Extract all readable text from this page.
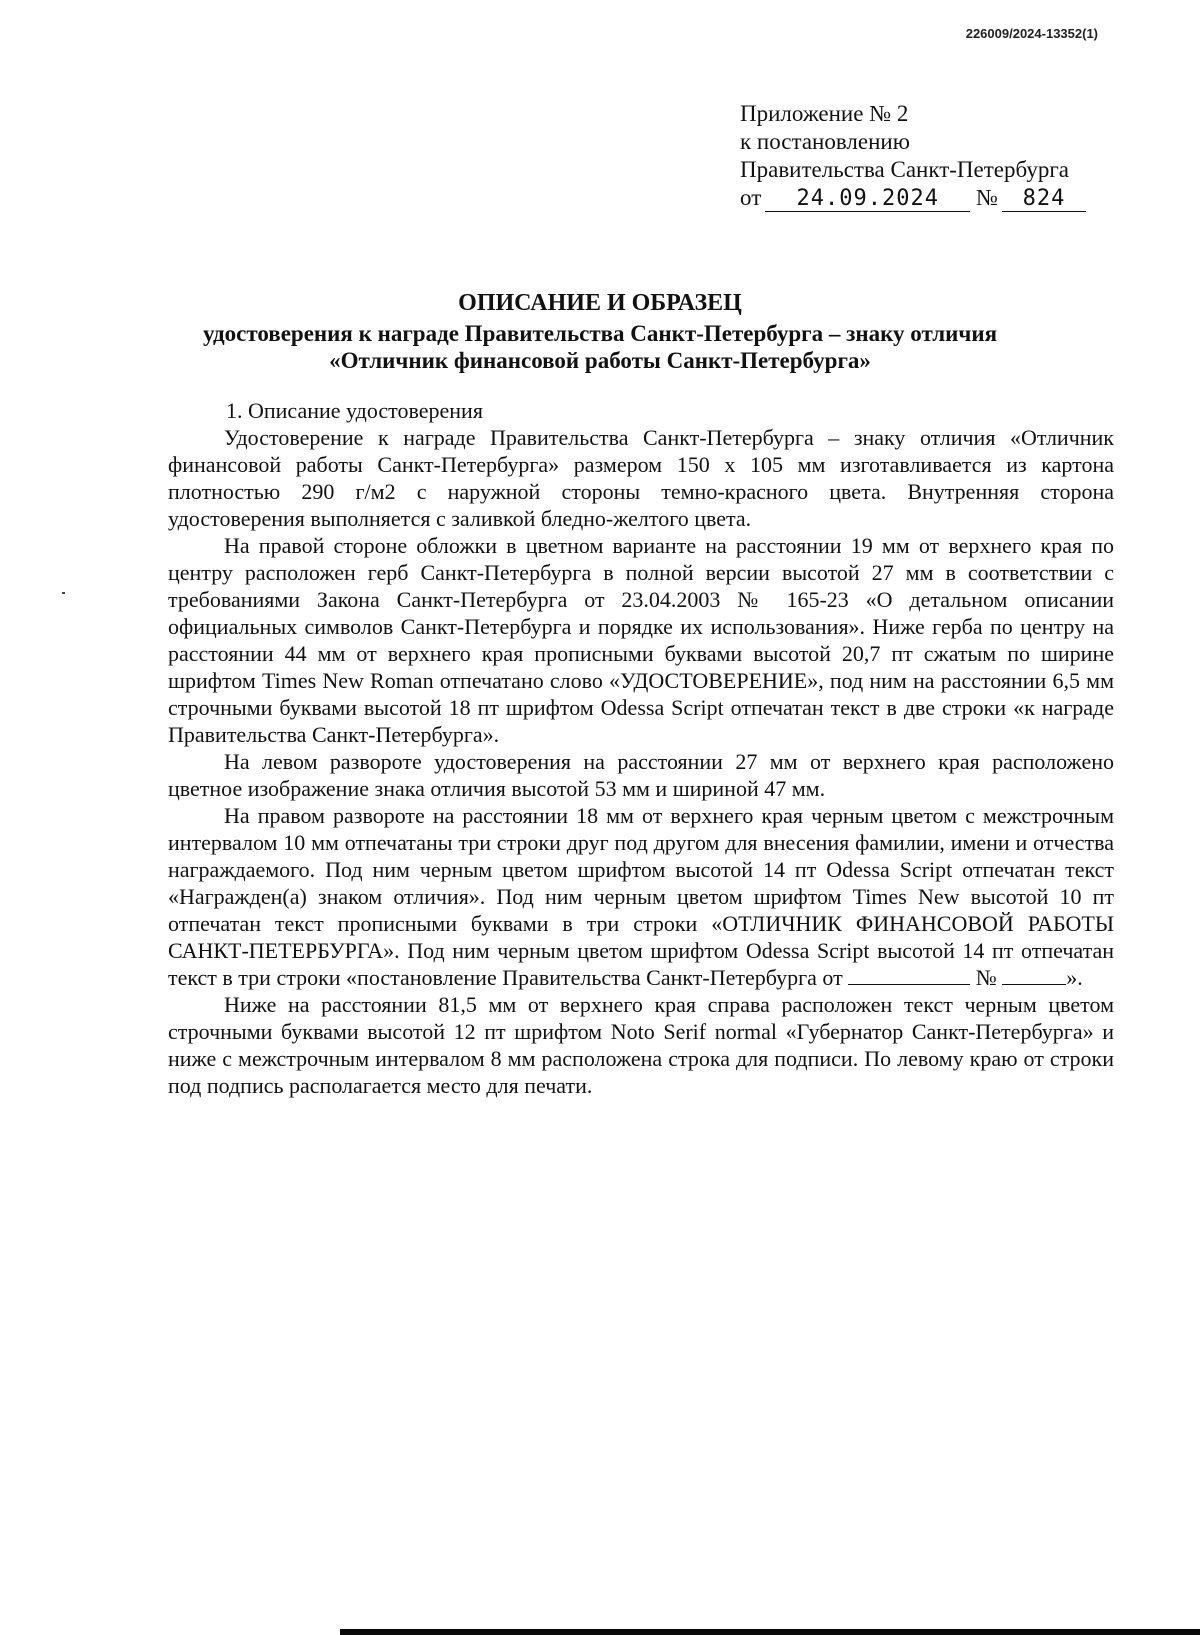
226009/2024-13352(1)
Приложение № 2
к постановлению
Правительства Санкт-Петербурга
от 24.09.2024 № 824
ОПИСАНИЕ И ОБРАЗЕЦ
удостоверения к награде Правительства Санкт-Петербурга – знаку отличия
«Отличник финансовой работы Санкт-Петербурга»

1. Описание удостоверения

Удостоверение к награде Правительства Санкт-Петербурга – знаку отличия «Отличник финансовой работы Санкт-Петербурга» размером 150 x 105 мм изготавливается из картона плотностью 290 г/м2 с наружной стороны темно-красного цвета. Внутренняя сторона удостоверения выполняется с заливкой бледно-желтого цвета.

На правой стороне обложки в цветном варианте на расстоянии 19 мм от верхнего края по центру расположен герб Санкт-Петербурга в полной версии высотой 27 мм в соответствии с требованиями Закона Санкт-Петербурга от 23.04.2003 № 165-23 «О детальном описании официальных символов Санкт-Петербурга и порядке их использования». Ниже герба по центру на расстоянии 44 мм от верхнего края прописными буквами высотой 20,7 пт сжатым по ширине шрифтом Times New Roman отпечатано слово «УДОСТОВЕРЕНИЕ», под ним на расстоянии 6,5 мм строчными буквами высотой 18 пт шрифтом Odessa Script отпечатан текст в две строки «к награде Правительства Санкт-Петербурга».

На левом развороте удостоверения на расстоянии 27 мм от верхнего края расположено цветное изображение знака отличия высотой 53 мм и шириной 47 мм.

На правом развороте на расстоянии 18 мм от верхнего края черным цветом с межстрочным интервалом 10 мм отпечатаны три строки друг под другом для внесения фамилии, имени и отчества награждаемого. Под ним черным цветом шрифтом высотой 14 пт Odessa Script отпечатан текст «Награжден(а) знаком отличия». Под ним черным цветом шрифтом Times New высотой 10 пт отпечатан текст прописными буквами в три строки «ОТЛИЧНИК ФИНАНСОВОЙ РАБОТЫ САНКТ-ПЕТЕРБУРГА». Под ним черным цветом шрифтом Odessa Script высотой 14 пт отпечатан текст в три строки «постановление Правительства Санкт-Петербурга от	№	».

Ниже на расстоянии 81,5 мм от верхнего края справа расположен текст черным цветом строчными буквами высотой 12 пт шрифтом Noto Serif normal «Губернатор Санкт-Петербурга» и ниже с межстрочным интервалом 8 мм расположена строка для подписи. По левому краю от строки под подпись располагается место для печати.
